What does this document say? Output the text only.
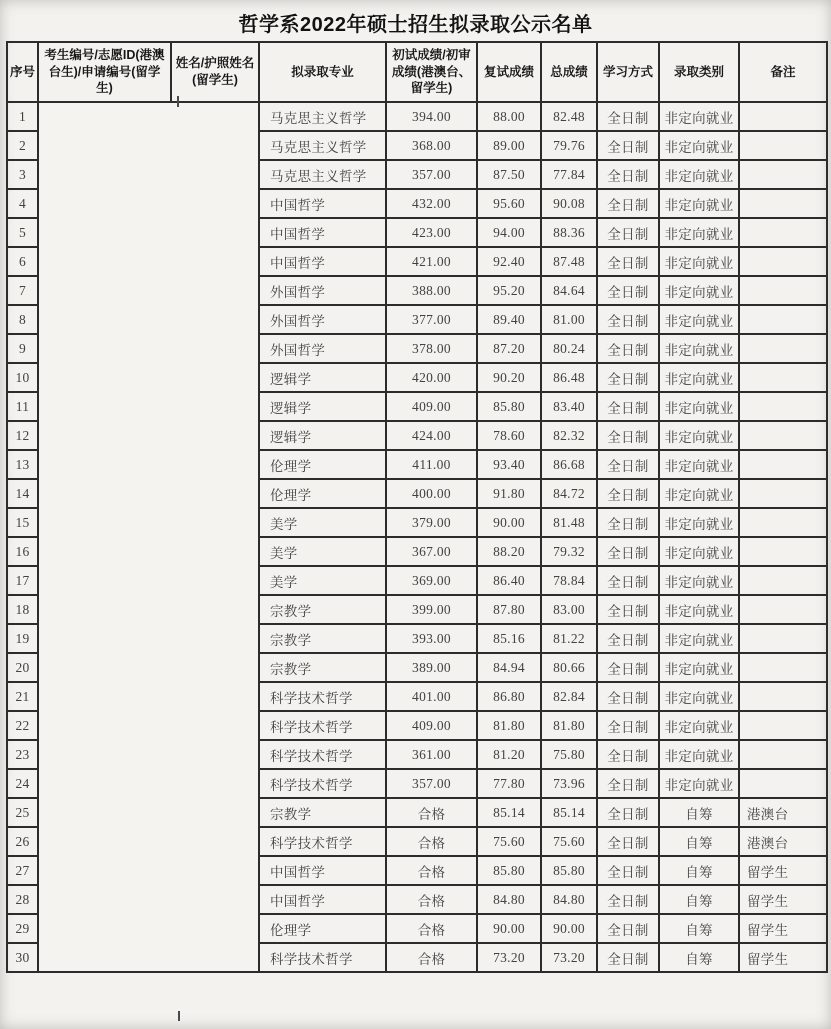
哲学系2022年硕士招生拟录取公示名单
序号	考生编号/志愿ID(港澳台生)/申请编号(留学生)	姓名/护照姓名(留学生)	拟录取专业	初试成绩/初审成绩(港澳台、留学生)	复试成绩	总成绩	学习方式	录取类别	备注
1			马克思主义哲学	394.00	88.00	82.48	全日制	非定向就业	
2			马克思主义哲学	368.00	89.00	79.76	全日制	非定向就业	
3			马克思主义哲学	357.00	87.50	77.84	全日制	非定向就业	
4			中国哲学	432.00	95.60	90.08	全日制	非定向就业	
5			中国哲学	423.00	94.00	88.36	全日制	非定向就业	
6			中国哲学	421.00	92.40	87.48	全日制	非定向就业	
7			外国哲学	388.00	95.20	84.64	全日制	非定向就业	
8			外国哲学	377.00	89.40	81.00	全日制	非定向就业	
9			外国哲学	378.00	87.20	80.24	全日制	非定向就业	
10			逻辑学	420.00	90.20	86.48	全日制	非定向就业	
11			逻辑学	409.00	85.80	83.40	全日制	非定向就业	
12			逻辑学	424.00	78.60	82.32	全日制	非定向就业	
13			伦理学	411.00	93.40	86.68	全日制	非定向就业	
14			伦理学	400.00	91.80	84.72	全日制	非定向就业	
15			美学	379.00	90.00	81.48	全日制	非定向就业	
16			美学	367.00	88.20	79.32	全日制	非定向就业	
17			美学	369.00	86.40	78.84	全日制	非定向就业	
18			宗教学	399.00	87.80	83.00	全日制	非定向就业	
19			宗教学	393.00	85.16	81.22	全日制	非定向就业	
20			宗教学	389.00	84.94	80.66	全日制	非定向就业	
21			科学技术哲学	401.00	86.80	82.84	全日制	非定向就业	
22			科学技术哲学	409.00	81.80	81.80	全日制	非定向就业	
23			科学技术哲学	361.00	81.20	75.80	全日制	非定向就业	
24			科学技术哲学	357.00	77.80	73.96	全日制	非定向就业	
25			宗教学	合格	85.14	85.14	全日制	自筹	港澳台
26			科学技术哲学	合格	75.60	75.60	全日制	自筹	港澳台
27			中国哲学	合格	85.80	85.80	全日制	自筹	留学生
28			中国哲学	合格	84.80	84.80	全日制	自筹	留学生
29			伦理学	合格	90.00	90.00	全日制	自筹	留学生
30			科学技术哲学	合格	73.20	73.20	全日制	自筹	留学生
